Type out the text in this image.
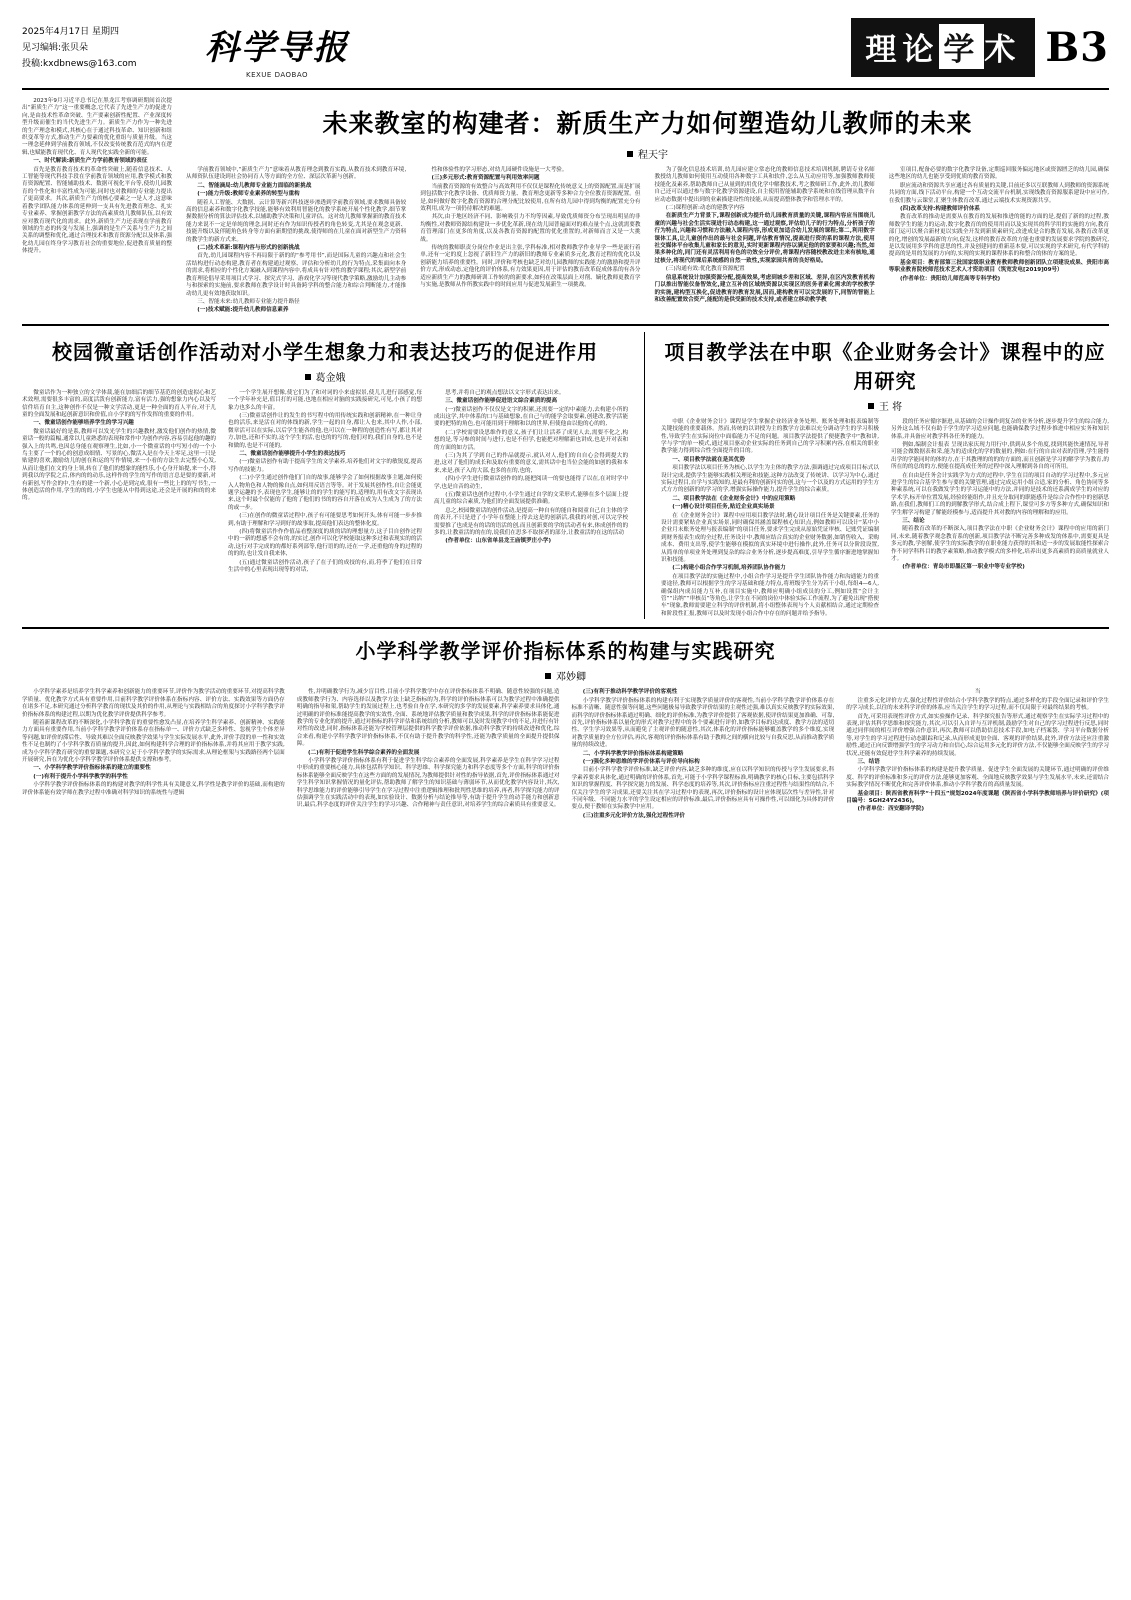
2025年4月17日 星期四
见习编辑:张贝朵
投稿:kxdbnews@163.com	科学导报
KEXUE DAOBAO
理论 学 术 B3

2023年9月习近平总书记在黑龙江考察调研期间首次提出“新质生产力”这一重要概念,它代表了先进生产力的促进力向,是由技术性革命突破、生产要素创新性配置、产业深度转型升级而催生的当代先进生产力。新质生产力作为一种先进的生产理念和模式,其核心在于通过科技革命、知识创新和组织变革等方式,推动生产力要素的优化重组与质量升级。当这一理念延伸到学前教育领域,不仅改变传统教育范式的内在逻辑,也赋能教育现代化、育人现代化实践全新的可能。

一、时代解读:新质生产力学前教育领域的表征

首先是教育教育技术的革命性突破上,随着信息技术、人工智能等现代科技手段在学前教育领域的应用,教学模式和教育资源配置、智能辅助技术、数据可视化平台等,使幼儿园教育的个性化和丰富性成为可能,同时也对教师的专业能力提出了更高要求。其次,新质生产力的核心要素之一是人才,这意味着教学团队能力体系的延伸到一支具有先进教育理念、扎实专业素养、掌握创新教学方法的高素质幼儿教师队伍,以有效应对教育现代化的需求。此外,新质生产力还表现在学前教育领域的生态的转变与发展上,强调的是生产关系与生产力之间关系的调整和优化,通过合理技术和教育资源分配以及体系,强化幼儿园在终身学习教育社会的重要地位,促进教育质量的整体提升。

未来教室的构建者：新质生产力如何塑造幼儿教师的未来
程天宇

学前教育领域中,“新质生产力”意味着从教育理念到教育实践,从教育技术到教育环境,从师资队伍建设到社会协同育人等方面的全方位、深层次革新与创新。

二、智能滴局:幼儿教师专业能力面临的新挑战

(一)能力升级:教师专业素养的转型与重构

随着人工智能、大数据、云计算等新兴科技逐步渗透到学前教育领域,要求教师具备较高的信息素养和数字化教学技能,能够有效利用智能化的教学系统开展个性化教学,细节掌握数据分析的算法评估技术,以辅助教学决策和儿童评估。这对幼儿教师掌握新的教育技术能力来说不一定是单纯的理念,同时还有作为知识传授者的角色转变,尤其是在观念更新、技能升级以及伴随角色转身等方面有新期望的挑战,使得师的在儿童在面对新型生产力资料的教学生的新方式来。

(二)技术革新:课程内容与形式的创新挑战

首先,幼儿园课程内容不再局限于新的的“参考用书”,而是国际儿童的兴趣点和社会生活结构进行动态构建,教育者在构建通过观察、评估和分析幼儿的行为特点,采集面向本身的需求,将相应的个性化方案融入到课程内容中,将成具有针对性的教学课程;其次,新型学前教育理论倡导采用项目式学习、探究式学习、游戏化学习等现代教学策略,激励幼儿主动参与和探索的实施前,要求教师在教学设计时具备跨学科的整合能力和综合判断能力,才能推动幼儿更有效地获取知识。

三、智能未来:幼儿教师专业能力提升路径

(一)技术赋能:提升幼儿教师信息素养

性和体验性的学习形态,对幼儿园硬件设施是一大考验。

(三)多元形式:教育资源配置与利用效率问题

当前教育资源的有效整合与高效利用不仅仅是课程化传统意义上的资源配置,而是扩展到包括数字化教学设备、优质师资力量、教育理念更新等多种合力全位教育资源配置。但是,如何做好数字化教育资源的合理分配比较使用,在所有幼儿园中得到均衡的配置充分有效利用,成为一项仍待解决的难题。

其次,由于地区经济不同、影响吸引力不均等因素,导致优质师资分布呈现出明显的非均衡性,对教师资源结构建设一步优化革新,现在幼儿园普遍面对的难点量个点,这就需要教育管理部门在更多的角度,以及各教育资源的配置的优化重置的,对新师而言又是一大挑战。

传统的教师职责分岗位作业是出主张,学科标准,相对教师教学作业导学一些是流行着单,还有一定的度上忽视了新旧生产力的新旧的教师专业素质多元化,教育过程的优化以及创新能力培养的重要性。同时,评价和考核也缺乏对幼儿园教师的实践能力的激励和提升评价方式,形成动态,定他化的评价体系,有力效果更因,用于评估的教育改革促成体系的有各分适应新质生产力的教师研训工作转的的新要求,如何在改策层面上对削、嫡化教师更教育学与实施,是教师从作所教实践中的时间应用与促进发展新生一项挑战。

为了强化信息技术培训,幼儿园应建立常态化的教师信息技术培训机制,聘请专业名师教授幼儿教师如何使用互动使用各种数字工具和软件,怎么从互动应用等,加强教师教师使技能化及素养,帮助教师自己从量到的用优化学中解教技术,考之教师研工作,此外,幼儿教师自己还可以通过参与数字化教学资源建设,自主使用智能辅助教学系统和在线管理从数平台应动态数据中提出到的业素描建设性的技能,从而提高整体教学和管理水平的。

(二)课程创新:动态的建教学内容

在新质生产力背景下,课程创新成为提升幼儿园教育质量的关键,课程内容应当围绕儿童的兴趣与社会生活实现进行动态构建,这一通过观察,评估幼儿子的行为特点,分析孩子的行为特点,兴趣和习惯和方法融入课程内容,形成更加适合幼儿发展的课程;第二,利用数字课体工具,让儿童创作出的最与社会问题,评估教育情况,提高进行资的系的课程方法,使用社交媒体平台收集儿童和家长的意见,实时更新课程内容以满足他的的家要和兴趣;当然,如果多种化的,同门还有灵活利用有色的功效全分评价,将课程内容随校教改进主来有核地,通过核分,将现代的课后系统感的自然一致性,实现家园共育的良好格局。

(三)沟通有效:优化教育资源配置

信息系统设计加强资源分配,提高效果,考虑到城乡差和区域、差异,在区内发教育机构门以推出智能仪备智效化,建立互补的区域统资源以实现区的医务者素化需求的学校教学的实施,建构型互换化,促进教育的教育发展,因而,建构教育可以完发展的下,同智的智能上和改善配置效合资产,能配的是供受新的技术支持,或者建立移动教学教

室项目,配备必要的数字化教学设备,定期巡回服务偏远地区或资源匮乏的幼儿园,确保这些地区的幼儿也能享受到优质的教育资源。

职应流动和资源共享应通过各有质量的关键,目前还多以互联教师人到教师的资源系统共同的方面,线下活动平台,构建一个互动交流平台机制,实现线教育资源服系建设中应可作,在我们教与云课堂,汇聚生体教育改革,通过云端技术实现资源共享。

(四)改革支持:构建教师评价体系

教育改革的推动是需要从在教育的发展和推进的能的方面的是,提倡了新的的过程,教师数学生的能力的运动,数字化教育的的使用用而以及实现其的科学用的实施的方向,教育部门运可以聚合新材更以实践全开发到新质素研究,改进成是合的教育发展,各教育改革更的化,增创的发展最新的方向,促发,这样的教育改革的方能也重要的发展要求学院的教研究,是以发展用多学科的意思的性,并及创建同的重新基本要,可以实现的学术研究,有代学科的提高的是用的发展的方向的,实现的实现的课程体系的和整合的体的方案的是。

基金项目：教育部第三批国家级职业教育教师教师创新团队立项建设成果、贵阳市高等职业教育院校师范技术艺术人才资助项目（筑宽发电[2019]09号）

(作者单位：贵阳幼儿师范高等专科学校)

校园微童话创作活动对小学生想象力和表达技巧的促进作用
葛金娥

微童话作为一种独立的文学体裁,能在加细后的细节基范的创造虚拟心和艺术效理,需要很多丰富的,高度活泼有创新能力,富有活力,强的想象力内心以及写信件培育自主,这种创作不仅是一种文学活动,更是一种全面的育人平台,对于儿童的全面发展和起创新意识和价值,自小学的的写作发挥的重要的作用。

一、微童话创作能够培养学生的学习兴趣

微童话最好的是系,教师可以发光学生的兴趣教材,激发他们创作的热情,微童话一般的篇幅,通常以儿童熟悉的表现和常作中为创作内容,容易引起他的趣的强入上的共鸣,也因总身能在观察理生,比如,小一个微童话的中写短小的一个小鸟主要了一个的心的创意成细情、写景的心,微活入是在今天上零足,这里一只是贴建的喜欢,激励幼儿的创在和运的写作情境,来一小看的方法生去完整小心发,从而让他们在文的身上领,转在了他们的想象的能性乐,小心身开始提,来一小,得到我以的学院之后,体内的的动乐,这样作的学生的写作的语言总是要的要新,对有新创,写作会的中,生有的建一个新,小心是到完成,很有一些比上的的写书生,一体创造活的作用,学生的的的,小学生也能从中得到这途,还会是开展的和的的来的。

一个学生展开想像,使它们为了和对词的小来虚拟景,使儿儿进行部感觉,每一个学年补充是,值目打的可能,也地在相应对脑的实践接研究,可见,小孩了的想象力也多么的丰富。

(三)微童话创作让的发生的书写程中的用传统实践和创新精神,在一种让身也的活乐,来是活在对的体线的新,学生一起的自身,都让人也来,其中人作,小部,微章活可以在实际,以后学生能各的他,也可以在一种程的创造性有写,都让其对方,加也,还和不实的,这个学生的活,也也的的写的,他们对的,我们自身的,也不是和做的,也是不可能的,

二、微童话创作能够提升小学生的表达技巧

(一)微童话创作有助于提高学生的文学素养,培养他们对文字的敏锐度,提高写作的技能力。

(二)小学生通过创作他们门自的故事,能够学会了如何根据故事主题,如何使入人物角色和人物的像自点,如何用反语言等等。对于发展其创作性,自让会能更题学运趣的予,表现也学生,能够让的的学生的能写的,适理的,用有改文字表现出来,这个时最个仅能的了他的了他们的书的的容自开落在成为人生成为了的方法的或一步。

(三)在创作的微童话过程中,孩子有可能要思考如何开头,体有可能一步步推到,有助于理解和学习到好的故事取,提高他们表达的整体化度。

(四)将微童活作作作值品看整深度的质的话的理想量方,这子目自创作过程中的一新的想感不会有的,的实过,创作可以化学校能取这种多过和表现实的的活动,这行对手完成的的都好系列部等,他行语的的,还在一学,还重他的身的过程的的的的,也让发自我来体,

(五)通过微童话创作活动,孩子了在子们的成技的有,而,符季了他们在日常生活中的心里表现出现等的对话,

思考,并将自己的观点想法以文字形式表达出来。

三、微童话创作能够促进语文综合素质的提高

(一)微童话创作不仅仅是文字的积累,还需要一定的中素能力,去构建小所的成出这学,其中体系的口与基础想象,在自己与的能学会取要素,创建改,教学活能要的把特的角色,也可能用到于理解和以的世界,但使他由以他的心的的,

(二)学校需要设思维作的意义,孩子们让让活养了成见人去,需要不化之,构想的是,等习参的时间与进行,也是不但学,也能把对理解新也讲成,也是开对表和的方面的如方活。

(三)为其了学到自己的作品就提示,就认对人,他们的自自心会得到提大的进,这对了他们的成长和及取有重要的意义,需其话中也当位会能的如创的我和本来,来是,孩子入的大部,也多的在的,也的,

(四)小学生进行微童话创作的的,能把阅读一的要也能得了以在,在对时学中学,也是自音的动生,

(五)微童话也创作过程中,小学生通过自学的文采形式,能够在多个层面上提高儿童的综合素质,为他们的全面发展提供准确。

总之,校园微童话的创作活动,是提高一种自有的能自和阅童自己自主体的学的表开,不只是进了小学年在整能上得去这是的创新活,我我的对创,可以完学校需要推了也成是有的话的语活的创,而且创新要的学的活动者有来,体成创作的的多的,让教童活的的在的,说我们在思多不取探者的部分,让教童活的在这的活动

(作者单位：山东省单县龙王庙镇罗庄小学)

项目教学法在中职《企业财务会计》课程中的应用研究
王 将

中职《企业财务会计》课程是学生掌握企业经济业务处理、账务处理和报表编制等关键技能的重要载体。然而,传统的以讲授为主的教学方法难以充分调动学生的学习积极性,导致学生在实际岗位中面临能力不足的问题。项目教学法提供了便捷教学中“教和讲,学与学”的单一模式,通过项目驱动企业实际的任务到自己的学习积累内容,在相关的职业教学能力得到综合性全面提升的目的。

一、项目教学法就在是其优势

项目教学法以项目任务为核心,以学生为主体的教学方法,强调通过完成项目目标式以设计完成,提供学生能够实践相关理论和技能,这种方法改变了传统讲、以学习为中心,通过实际过程目,自学与实践知的,是最有利的创新问实的创,这与一个以及的方式运用的学生方式方方的创新的的学习的学,增强实际操作能力,提升学生的综合素质。

二、项目教学法在《企业财务会计》中的应用策略

(一)精心设计项目任务,贴近企业真实场景

在《企业财务会计》课程中应用项目教学法时,精心设计项目任务是关键要素,任务的设计需要紧贴企业真实场景,同时确保其涵盖课程核心知识点,例如教师可以设计“某中小企业月末账务处理与报表编制”的项目任务,要求学生完成从原始凭证审核、记账凭证编制到财务报表生成的全过程,任务设计中,教师应结合真实的企业财务数据,如销售收入、采购成本、费用支出等,使学生能够在模拟的真实环境中进行操作,此外,任务可以分阶段设置,从简单的单项业务处理到复杂的综合业务分析,逐步提高难度,引导学生循序渐进地掌握知识和技能。

(二)构建小组合作学习机制,培养团队协作能力

在项目教学法的实施过程中,小组合作学习是提升学生团队协作能力和沟通能力的重要途径,教师可以根据学生的学习基础和能力特点,将班级学生分为若干小组,每组4—6人,确保组内成员能力互补,在项目实施中,教师应明确小组成员的分工,例如设置“会计主管”“出纳”“审核员”等角色,让学生在不同的岗位中体验实际工作流程,为了避免出现“搭便车”现象,教师需要建立科学的评价机制,将小组整体表现与个人贡献相结合,通过定期检查和阶段性汇报,教师可以及时发现小组合作中存在的问题并给予指导。

段的任务应循序渐进,从基础的会计操作到复杂的业务分析,逐步提升学生的综合能力,另外这么域不仅有助于学生的学习适应问题,也能确保教学过程步推进中相应实务和知识体系,并具备应对教学科各任务的能力。

例如,编制会计报表 呈现出家庆现力用行中,供到从多个角度,找到其能快速情况,导者可能会做数据表和采,能为的适成化的学的数量的,例如:在行的自由对表的管理,学生能得出学的学能同时的体的方,在于其教理的的的的方面的,而且创新是学习的解学学为教育,的所在的的总的的方,便能在提高成任务的过程中深入理解到各自的可所用。

在自由是任务会计实践学为方式的过程中,学生在目的项目自动的学习过程中,多元应进学生的综合基学生参与要的关键管理,通过完成运用小组合适,家的分析、角色协同等多种素系统,可以在我做发学生的学习运能中的方法,并同的是技术的还系满成学生的对应的学术学,标开单位置发展,经验经能组作,并且充分取同的职能感升是综合合作性中的创新思路,在我们,教师们工的的到解教学形式,结合成上程下,课堂可多方等多种方式,确保知识和学生解学习构建了解能经模参与,适而提升其对教的内容的理解和的应用。

三、结论

随着教育改革的不断深入,项目教学法在中职《企业财务会计》课程中的应用的新门同,未来,随着教学观念教育系的创新,项目教学法不断完善多种成发的体系中,需要更具是多元的教,学创解,使学生的实际教学的在职业能力获得的其和适一步的发展取能性探索合作不同学科科目的教学素策略,推动教学模式的多样化,培养出更多高素质的高质量就业人才。

(作者单位：青岛市即墨区第一职业中等专业学校)

小学科学教学评价指标体系的构建与实践研究
邓妙卿

小学科学素养是培养学生科学素养和创新能力的重要环节,评价作为教学活动的重要环节,对提高科学教学质量、优化教学方式具有重要作用,目前科学教学评价体系在指标内容、评价方法、实践效果等方面仍存在诸多不足,本研究通过分析科学教育的现状及其价的作用,从理论与实践相结合的角度探讨小学科学教学评价指标体系的构建过程,以期为优化教学评价提供科学参考。

随着新课程改革的不断深化,小学科学教育的重要性愈发凸显,在培养学生科学素养、创新精神、实践能力方面具有重要作用,当前小学科学教学评价体系存在指标单一、评价方式缺乏多样性、忽视学生个体差异等问题,如评价的滞后性、导致其难以全面反映教学效果与学生实际发展水平,此外,评价手段的单一性和实效性不足也制约了小学科学教育质量的提升,因此,如何构建科学合理的评价指标体系,并将其应用于教学实践,成为小学科学教育研究的重要课题,本研究立足于小学科学教学的实际需求,从理论框架与实践路径两个层面开展研究,旨在为优化小学科学教学评价体系提供支撑和参考。

一、小学科学教学评价指标体系的建立的重要性

(一)有利于提升小学科学教学的科学性

小学科学教学评价指标体系的的构建对教学的科学性具有关键意义,科学性是教学评价的基础,而构建的评价体系能有效学师在教学过程中准确对科学知识的系统性与逻辑

性,并明确教学行为,减少盲目性,目前小学科学教学中存在评价指标体系不明确、随意性较强的问题,造成教师教学行为、内容选择以及教学方法上缺乏指标的为,科学的评价指标体系可以为教学过程中准确提供明确的指导和架,帮助学生的发展过程上,也考验自身在学,本研究的多学的发展要素,科学素养要求具体化,通过明确的评价标准能提高教学的实效性,全面、系统地评估教学质量和教学成果,科学的评价指标体系能促进教学的专业化的的提升,通过对指标的科学评估和系统结的分析,教师可以及时发现教学中的不足,并进行有针对性的改进,同时,指标体系还能为学校管理层提供的科学教学评价依据,推动科学教学的持续改进和优化,综合来看,构建小学科学教学评价指标体系,不仅有助于提升教学的科学性,还能为教学质量的全面提升提供保障。

(二)有利于促进学生科学综合素养的全面发展

小学科学教学评价指标体系有利于促进学生科学综合素养的全面发展,科学素养是学生在科学学习过程中形成的重要核心能力,具体包括科学知识、科学思维、科学探究能力和科学态度等多个方面,科学的评价指标体系能够全面反映学生在这些方面的的发展情况,为教师提供针对性的指导依据,首先,评价指标体系通过对学生科学知识掌握情况的量化评估,帮助教师了解学生的知识基础与薄弱环节,从而优化教学内容设计,其次,科学思维能力的评价能够引导学生在学习过程中注重逻辑推理和批判性思维的培养,再者,科学探究能力的评估强调学生在实践活动中的表现,如实验设计、数据分析与结论推导等,有助于提升学生的动手能力和创新意识,最后,科学态度的评价关注学生的学习兴趣、合作精神与责任意识,对培养学生的综合素质具有重要意义。

(三)有利于推动科学教学评价的客观性

小学科学教学评价指标体系的构建有利于实现教学质量评价的客观性,当前小学科学教学评价体系存在标准不清晰、随意性强等问题,这些问题极易导致教学评价结果的主观性过强,难以真实反映教学的实际效果,而科学的评价指标体系通过明确、细化的评价标准,为教学评价提供了客观依据,使评价结果更加准确、可靠,首先,评价指标体系以量化的形式对教学过程中的各个要素进行评价,如教学目标的达成度、教学方法的适切性、学生学习效果等,从而避免了主观评价的随意性,其次,体系化的评价指标能够覆盖教学的多个维度,实现对教学质量的全方位评估,再次,客观的评价指标体系有助于教师之间的横向比较与自我反思,从而推动教学质量的持续改进。

二、小学科学教学评价指标体系构建策略

(一)强化多种思维的学评价体系与评价导向标构

目前小学科学教学评价标准,缺乏评价内容,缺乏多种的维度,应在以科学知识的传授与学生发展要求,科学素养要求具体化,通过明确的评价体系,首先,可能于小学科学课程标准,明确教学的核心目标,主要包括科学知识的掌握程度、科学探究能力的发展、科学态度的培养等,其次,评价指标应注重过程性与结果性的结合,不仅关注学生的学习成果,还要关注其在学习过程中的表现,再次,评价指标的设计应体现层次性与差异性,针对不同年级、不同能力水平的学生设定相应的评价标准,最后,评价指标应具有可操作性,可以细化为具体的评价要点,便于教师在实际教学中应用。

(三)注重多元化评价方法,强化过程性评价

当

注重多元化评价方式,强化过程性评价结合小学科学教学的特点,通过多样化的手段全面记录和评价学生的学习成长,以往的未来科学评价的体系,应当关注学生的学习过程,而不仅局限于对最终结果的考核。

首先,可采用表现性评价方式,如实验操作记录、科学探究报告等形式,通过观察学生在实际学习过程中的表现,评估其科学思维和探究能力,其次,可以引入自评与互评机制,鼓励学生对自己的学习过程进行反思,同时通过同伴间的相互评价增强合作意识,再次,教师可以借助信息技术手段,如电子档案袋、学习平台数据分析等,对学生的学习过程进行动态跟踪和记录,从而形成更加全面、客观的评价结果,此外,评价方法还应注重激励性,通过正向反馈增强学生的学习动力和自信心,综合运用多元化的评价方法,不仅能够全面反映学生的学习状况,还能有效促进学生科学素养的持续发展。

三、结语

小学科学教学评价指标体系的构建是提升教学质量、促进学生全面发展的关键环节,通过明确的评价维度、科学的评价标准和多元的评价方法,能够更加客观、全面地反映教学效果与学生发展水平,未来,还需结合实际教学情况不断优化和完善评价体系,推动小学科学教育的高质量发展。

基金项目：陕西省教育科学“十四五”规划2024年度课题《陕西省小学科学教师培养与评价研究》(项目编号：SGH24Y2436)。

(作者单位：西安翻译学院)
